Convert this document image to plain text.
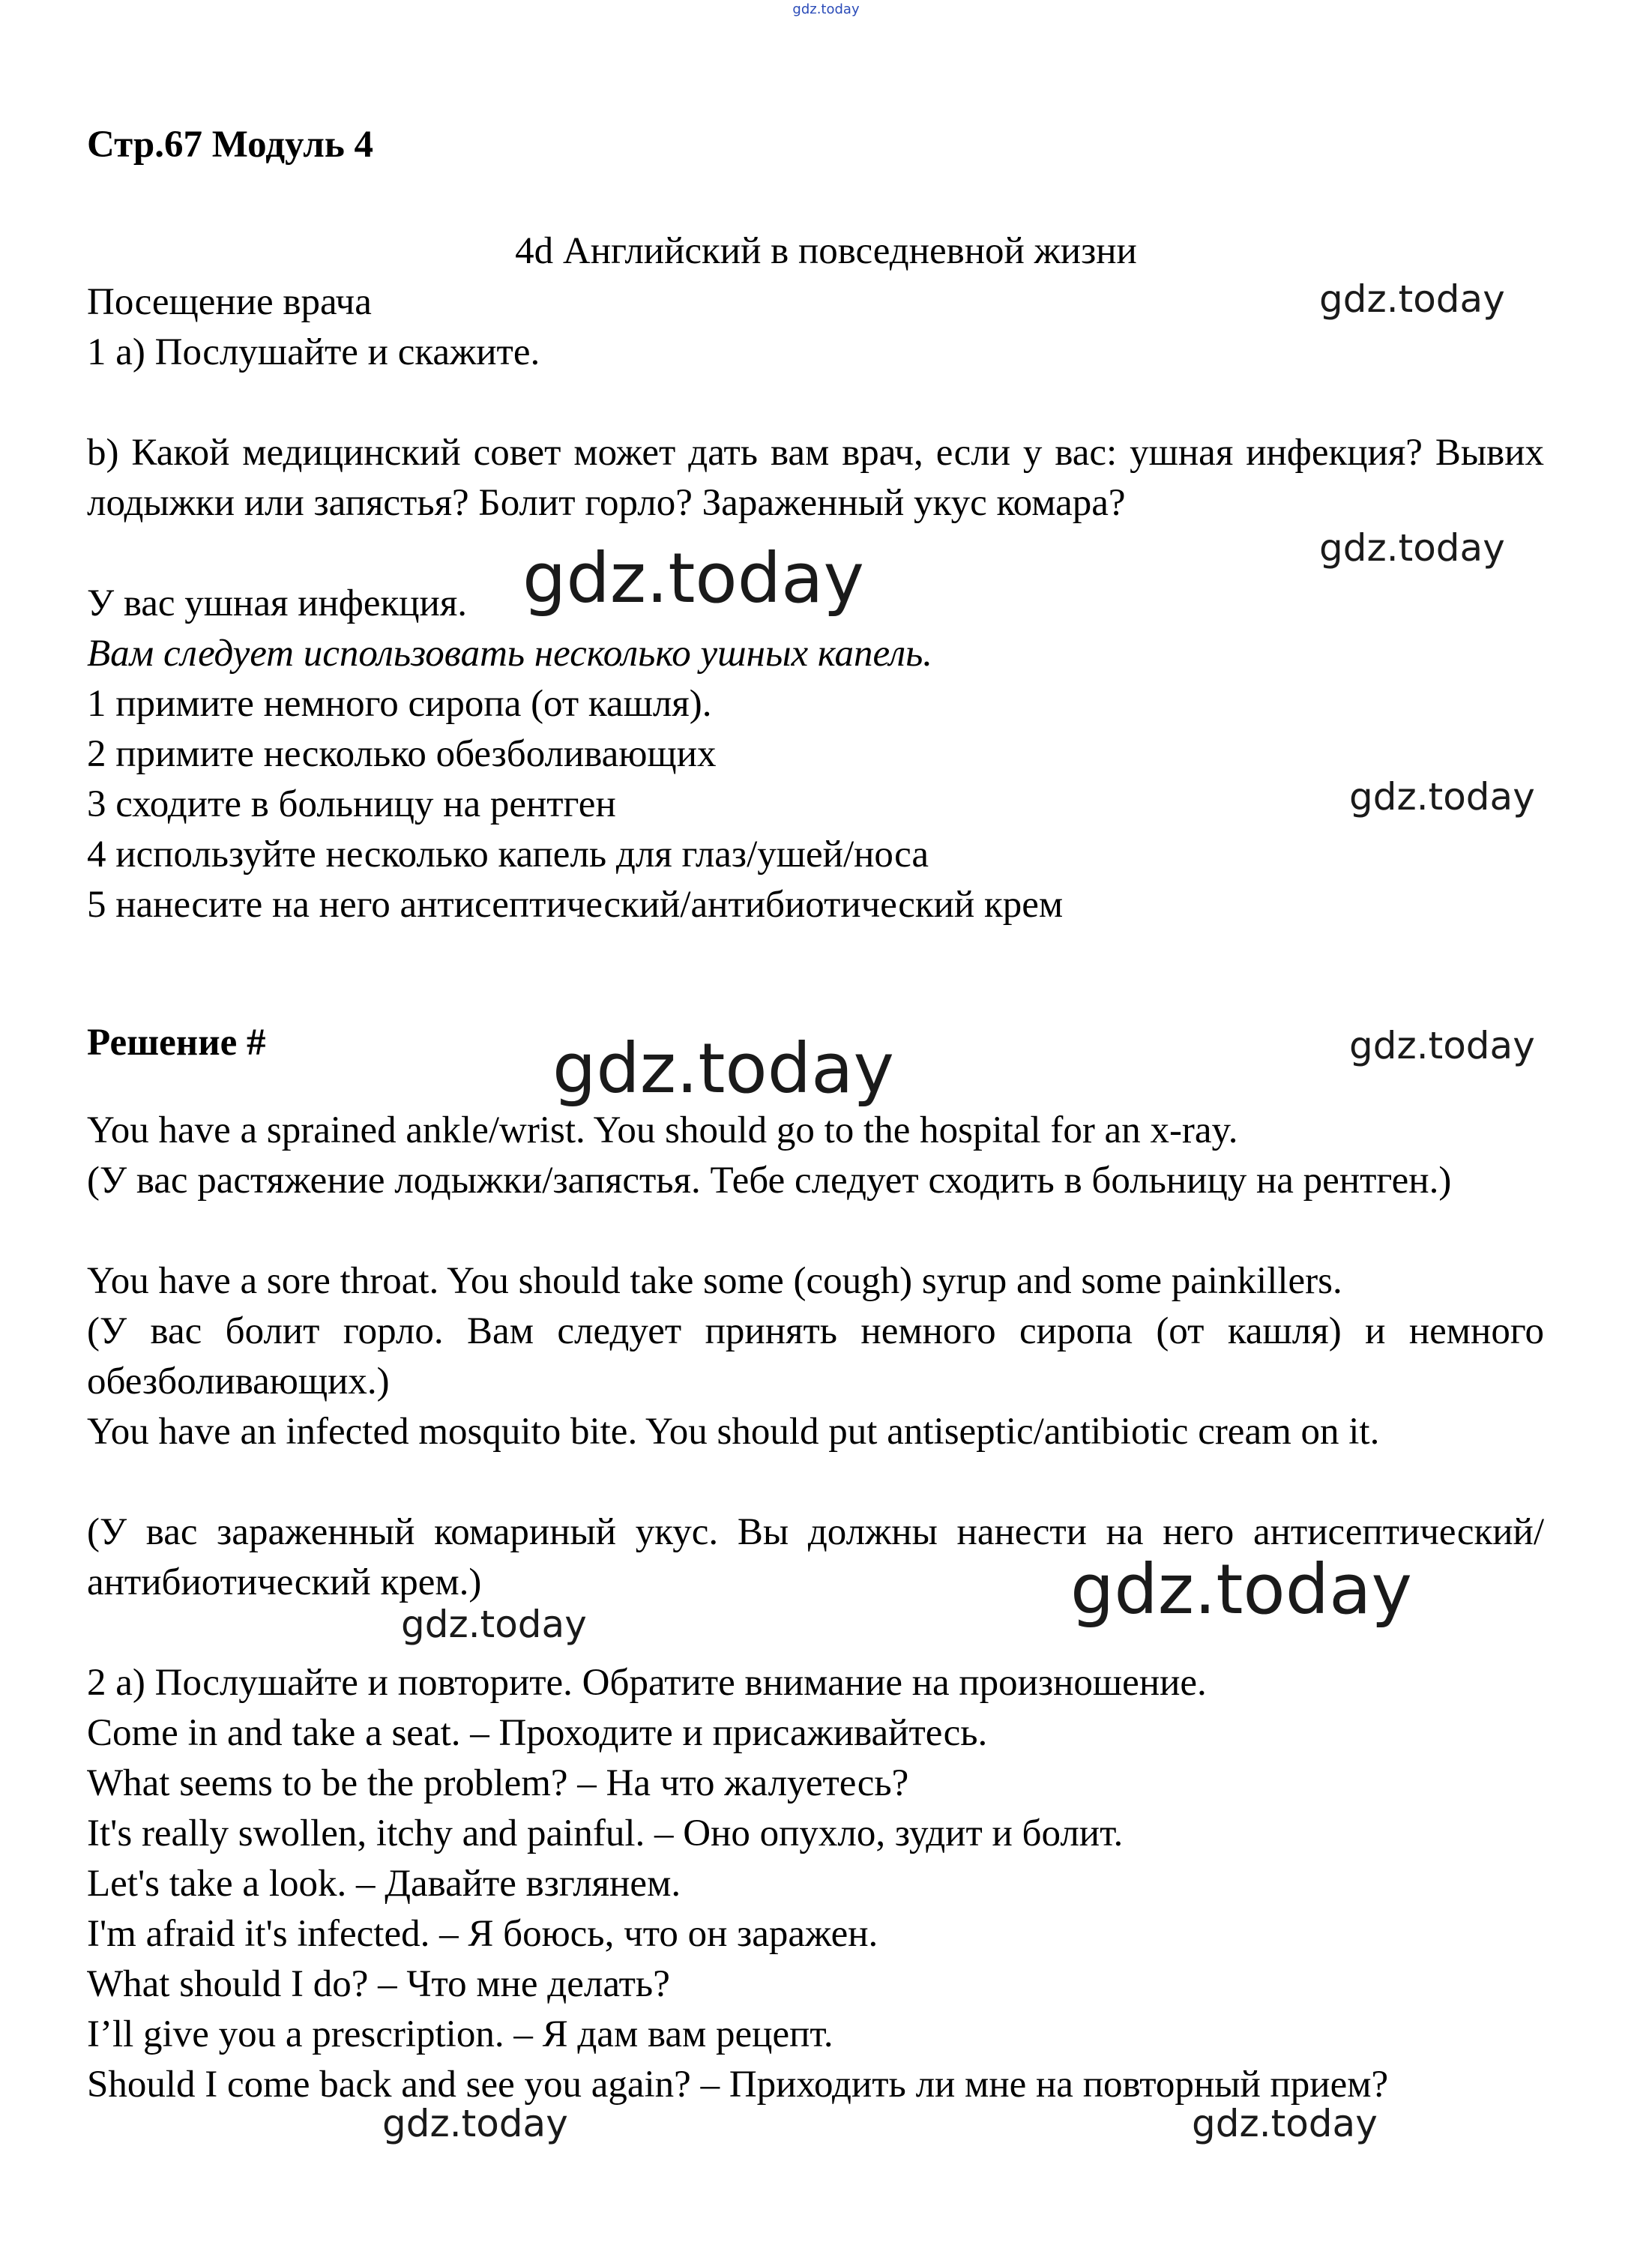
gdz.today
Стр.67 Модуль 4
4d Английский в повседневной жизни
Посещение врача
1 a) Послушайте и скажите.
b) Какой медицинский совет может дать вам врач, если у вас: ушная инфекция? Вывих лодыжки или запястья? Болит горло? Зараженный укус комара?
У вас ушная инфекция.
Вам следует использовать несколько ушных капель.
1 примите немного сиропа (от кашля).
2 примите несколько обезболивающих
3 сходите в больницу на рентген
4 используйте несколько капель для глаз/ушей/носа
5 нанесите на него антисептический/антибиотический крем
Решение #
You have a sprained ankle/wrist. You should go to the hospital for an x-ray.
(У вас растяжение лодыжки/запястья. Тебе следует сходить в больницу на рентген.)
You have a sore throat. You should take some (cough) syrup and some painkillers.
(У вас болит горло. Вам следует принять немного сиропа (от кашля) и немного обезболивающих.)
You have an infected mosquito bite. You should put antiseptic/antibiotic cream on it.
(У вас зараженный комариный укус. Вы должны нанести на него антисептический/антибиотический крем.)
2 a) Послушайте и повторите. Обратите внимание на произношение.
Come in and take a seat. – Проходите и присаживайтесь.
What seems to be the problem? – На что жалуетесь?
It's really swollen, itchy and painful. – Оно опухло, зудит и болит.
Let's take a look. – Давайте взглянем.
I'm afraid it's infected. – Я боюсь, что он заражен.
What should I do? – Что мне делать?
I’ll give you a prescription. – Я дам вам рецепт.
Should I come back and see you again? – Приходить ли мне на повторный прием?
gdz.today
gdz.today
gdz.today
gdz.today
gdz.today
gdz.today
gdz.today
gdz.today
gdz.today	gdz.today
